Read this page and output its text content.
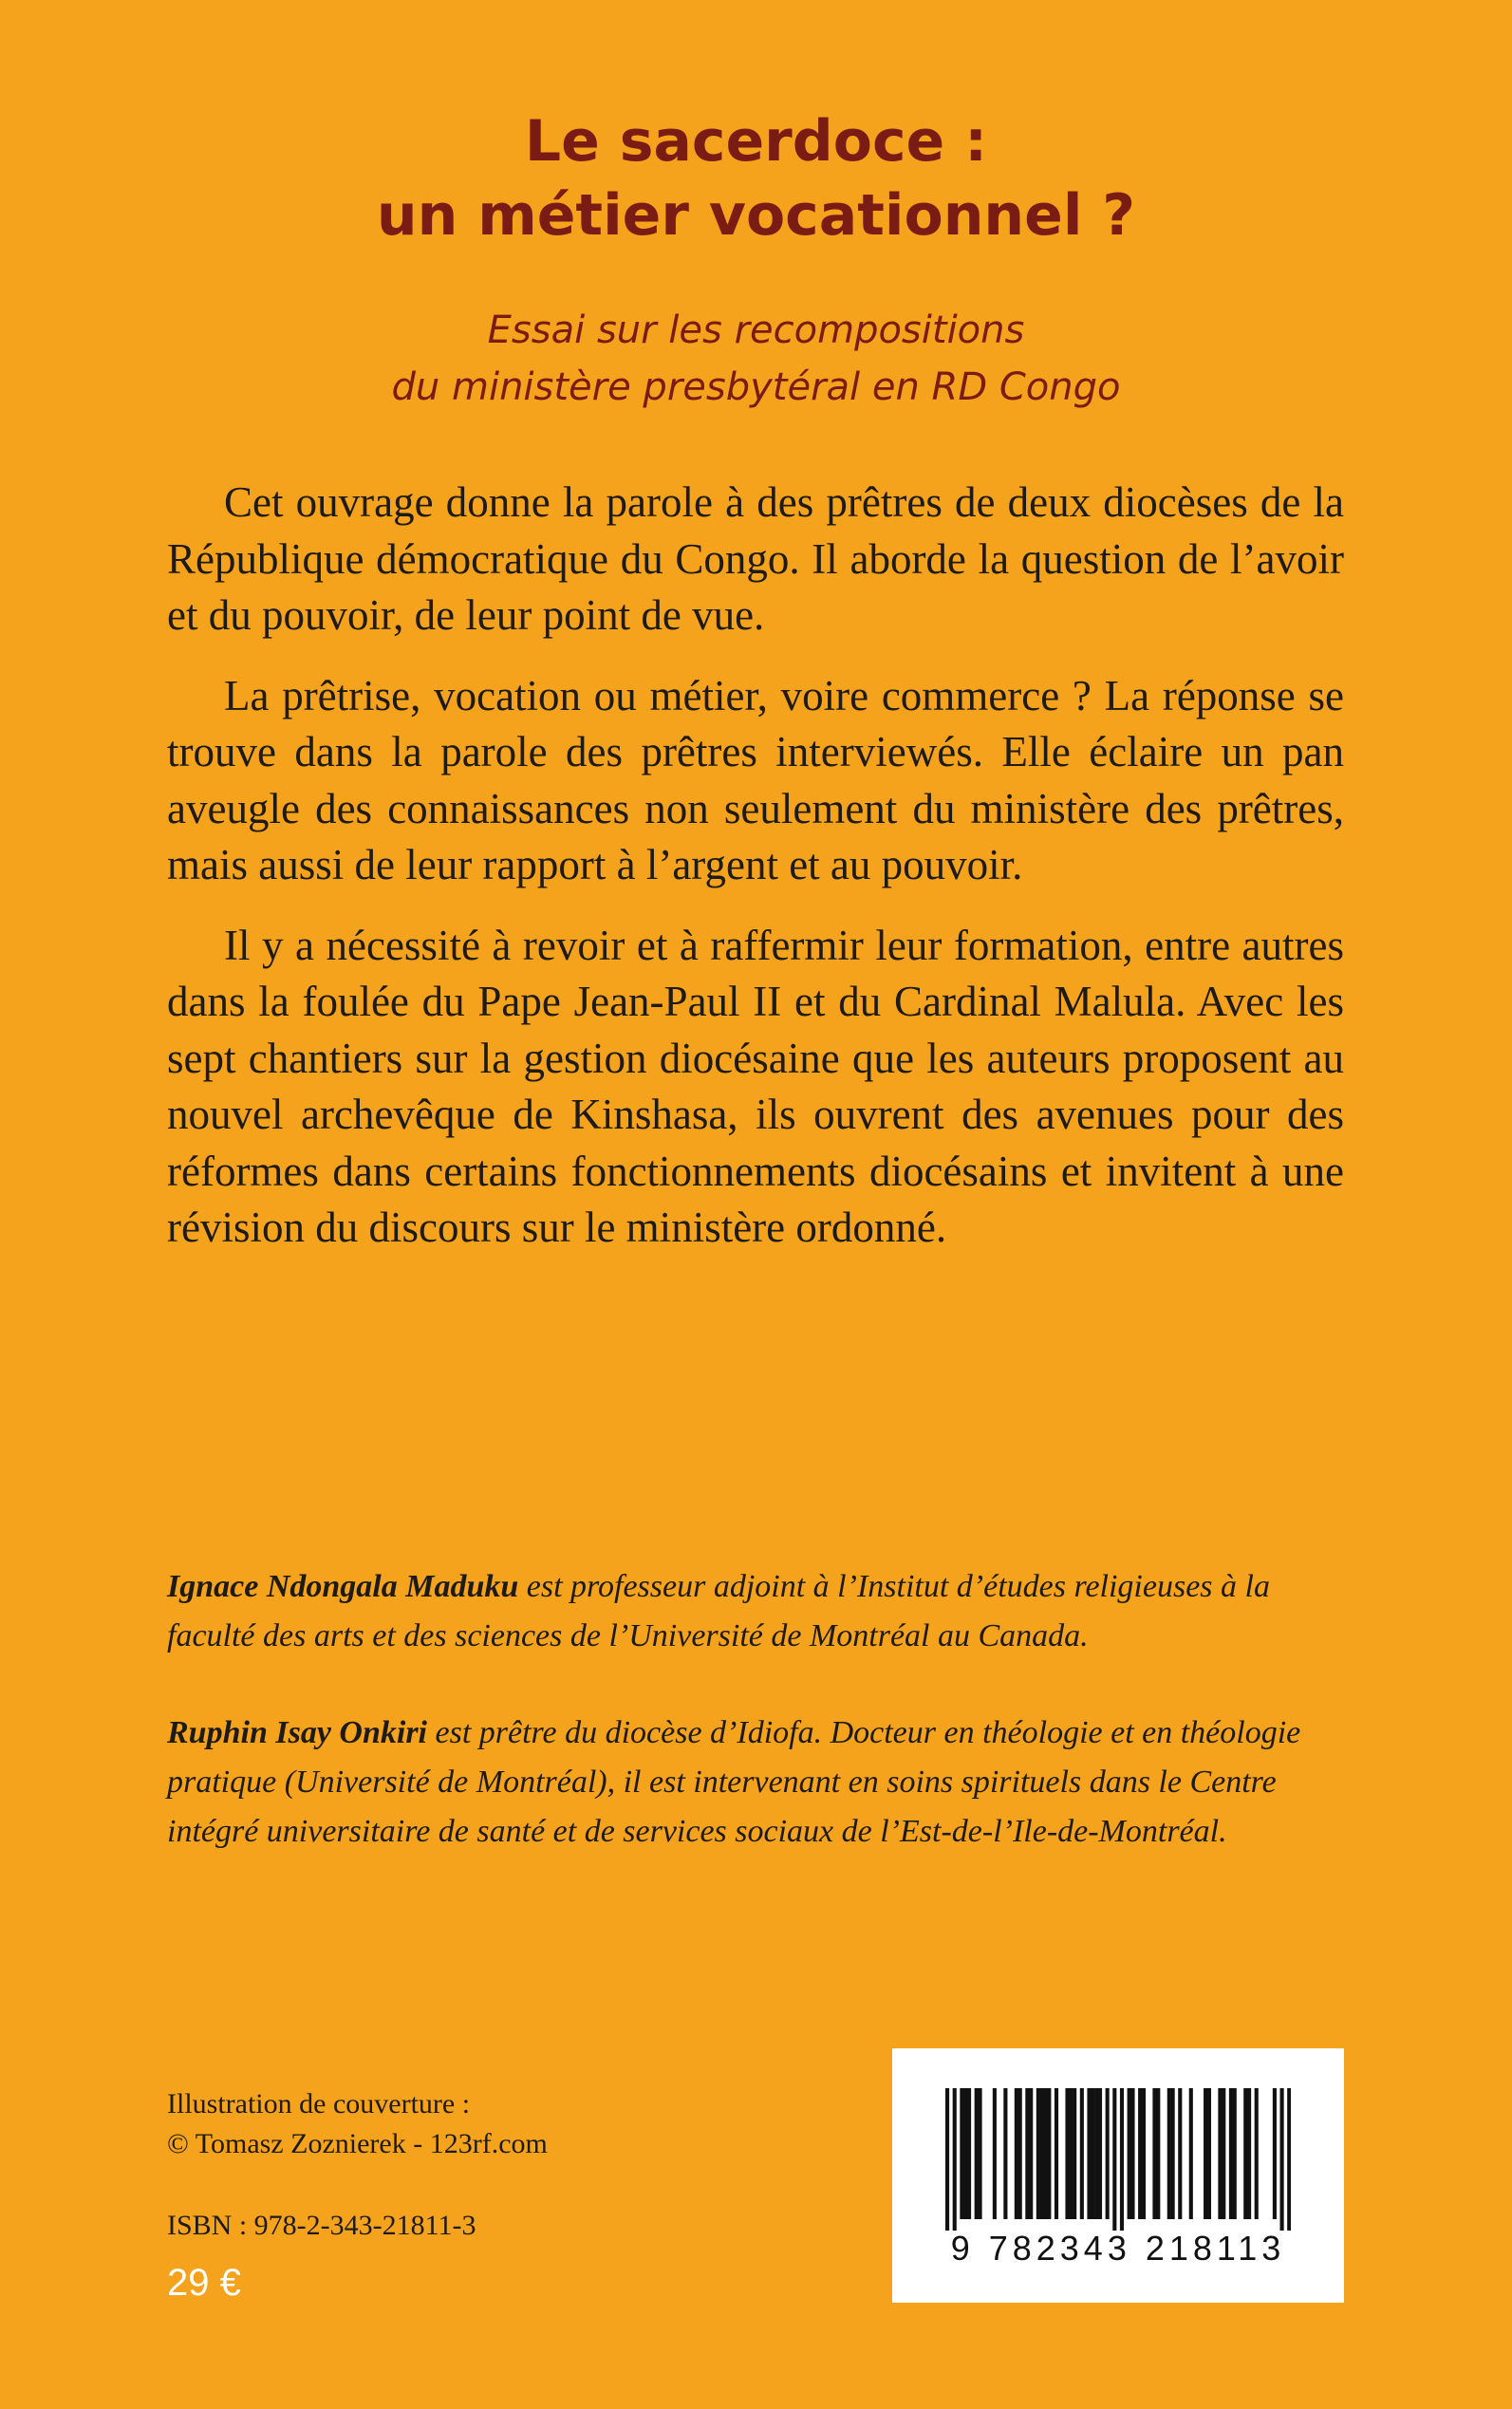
Le sacerdoce :
un métier vocationnel ?
Essai sur les recompositions
du ministère presbytéral en RD Congo

Cet ouvrage donne la parole à des prêtres de deux diocèses de la République démocratique du Congo. Il aborde la question de l’avoir et du pouvoir, de leur point de vue.

La prêtrise, vocation ou métier, voire commerce ? La réponse se trouve dans la parole des prêtres interviewés. Elle éclaire un pan aveugle des connaissances non seulement du ministère des prêtres, mais aussi de leur rapport à l’argent et au pouvoir.

Il y a nécessité à revoir et à raffermir leur formation, entre autres dans la foulée du Pape Jean-Paul II et du Cardinal Malula. Avec les sept chantiers sur la gestion diocésaine que les auteurs proposent au nouvel archevêque de Kinshasa, ils ouvrent des avenues pour des réformes dans certains fonctionnements diocésains et invitent à une révision du discours sur le ministère ordonné.

Ignace Ndongala Maduku est professeur adjoint à l’Institut d’études religieuses à la faculté des arts et des sciences de l’Université de Montréal au Canada.
Ruphin Isay Onkiri est prêtre du diocèse d’Idiofa. Docteur en théologie et en théologie pratique (Université de Montréal), il est intervenant en soins spirituels dans le Centre intégré universitaire de santé et de services sociaux de l’Est-de-l’Ile-de-Montréal.
Illustration de couverture :
© Tomasz Zoznierek - 123rf.com
ISBN : 978-2-343-21811-3
29 €
9 782343 218113
